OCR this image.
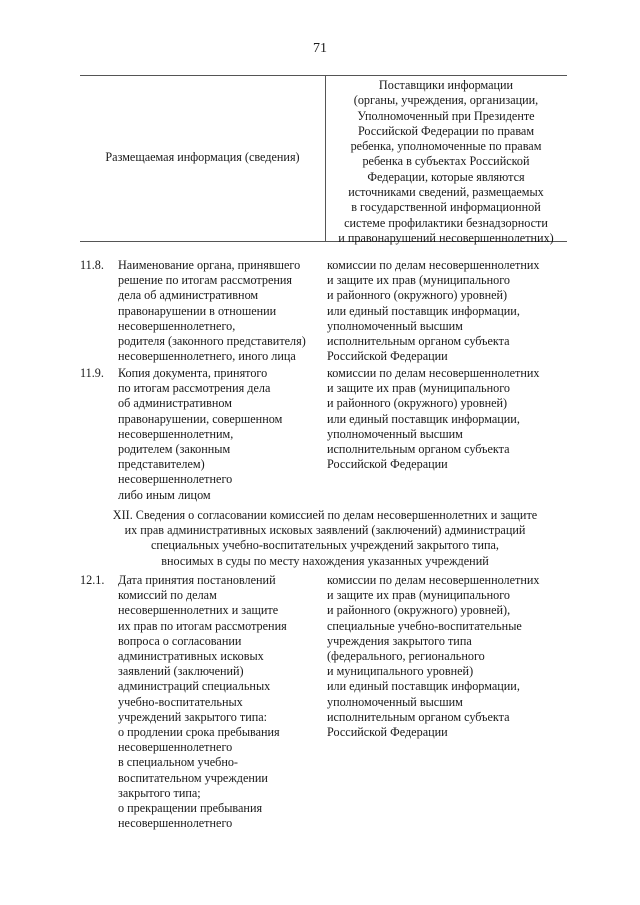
71
Размещаемая информация (сведения)
Поставщики информации
(органы, учреждения, организации,
Уполномоченный при Президенте
Российской Федерации по правам
ребенка, уполномоченные по правам
ребенка в субъектах Российской
Федерации, которые являются
источниками сведений, размещаемых
в государственной информационной
системе профилактики безнадзорности
и правонарушений несовершеннолетних)
11.8. Наименование органа, принявшего
решение по итогам рассмотрения
дела об административном
правонарушении в отношении
несовершеннолетнего,
родителя (законного представителя)
несовершеннолетнего, иного лица
комиссии по делам несовершеннолетних
и защите их прав (муниципального
и районного (окружного) уровней)
или единый поставщик информации,
уполномоченный высшим
исполнительным органом субъекта
Российской Федерации
11.9. Копия документа, принятого
по итогам рассмотрения дела
об административном
правонарушении, совершенном
несовершеннолетним,
родителем (законным
представителем)
несовершеннолетнего
либо иным лицом
комиссии по делам несовершеннолетних
и защите их прав (муниципального
и районного (окружного) уровней)
или единый поставщик информации,
уполномоченный высшим
исполнительным органом субъекта
Российской Федерации
XII. Сведения о согласовании комиссией по делам несовершеннолетних и защите
их прав административных исковых заявлений (заключений) администраций
специальных учебно-воспитательных учреждений закрытого типа,
вносимых в суды по месту нахождения указанных учреждений
12.1. Дата принятия постановлений
комиссий по делам
несовершеннолетних и защите
их прав по итогам рассмотрения
вопроса о согласовании
административных исковых
заявлений (заключений)
администраций специальных
учебно-воспитательных
учреждений закрытого типа:
о продлении срока пребывания
несовершеннолетнего
в специальном учебно-
воспитательном учреждении
закрытого типа;
о прекращении пребывания
несовершеннолетнего
комиссии по делам несовершеннолетних
и защите их прав (муниципального
и районного (окружного) уровней),
специальные учебно-воспитательные
учреждения закрытого типа
(федерального, регионального
и муниципального уровней)
или единый поставщик информации,
уполномоченный высшим
исполнительным органом субъекта
Российской Федерации
